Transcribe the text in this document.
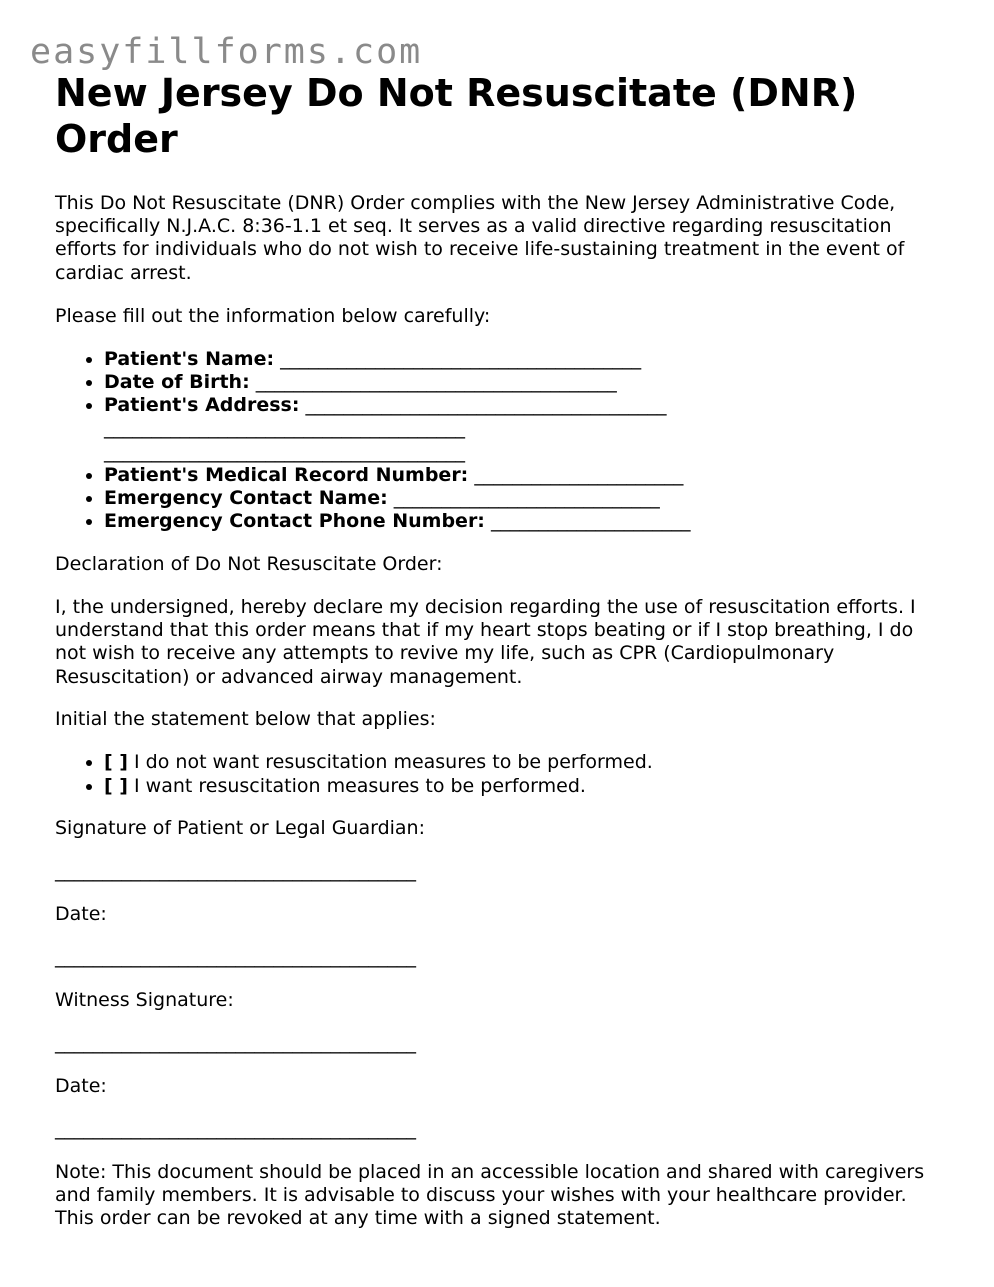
easyfillforms.com
New Jersey Do Not Resuscitate (DNR) Order

This Do Not Resuscitate (DNR) Order complies with the New Jersey Administrative Code, specifically N.J.A.C. 8:36-1.1 et seq. It serves as a valid directive regarding resuscitation efforts for individuals who do not wish to receive life-sustaining treatment in the event of cardiac arrest.

Please fill out the information below carefully:

• Patient's Name: ______________________________________
• Date of Birth: ______________________________________
• Patient's Address: ______________________________________
______________________________________
______________________________________
• Patient's Medical Record Number: ______________________
• Emergency Contact Name: ____________________________
• Emergency Contact Phone Number: _____________________

Declaration of Do Not Resuscitate Order:

I, the undersigned, hereby declare my decision regarding the use of resuscitation efforts. I understand that this order means that if my heart stops beating or if I stop breathing, I do not wish to receive any attempts to revive my life, such as CPR (Cardiopulmonary Resuscitation) or advanced airway management.

Initial the statement below that applies:

• [ ] I do not want resuscitation measures to be performed.
• [ ] I want resuscitation measures to be performed.

Signature of Patient or Legal Guardian:

______________________________________

Date:

______________________________________

Witness Signature:

______________________________________

Date:

______________________________________

Note: This document should be placed in an accessible location and shared with caregivers and family members. It is advisable to discuss your wishes with your healthcare provider. This order can be revoked at any time with a signed statement.
